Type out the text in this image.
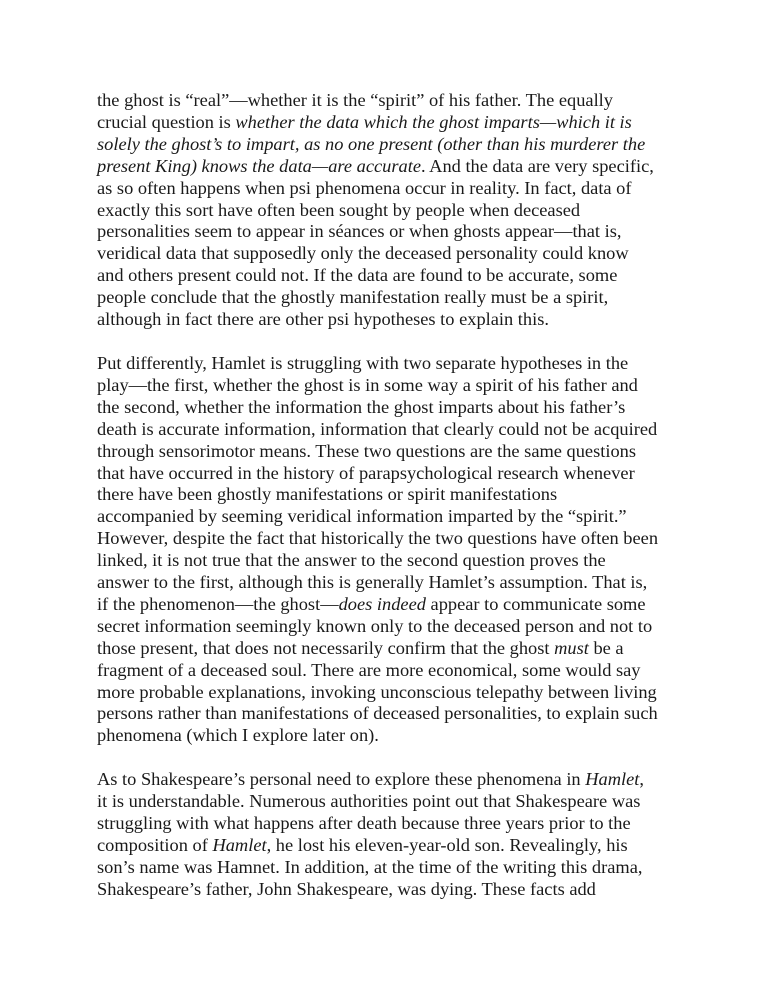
the ghost is “real”—whether it is the “spirit” of his father. The equally
crucial question is whether the data which the ghost imparts—which it is
solely the ghost’s to impart, as no one present (other than his murderer the
present King) knows the data—are accurate. And the data are very specific,
as so often happens when psi phenomena occur in reality. In fact, data of
exactly this sort have often been sought by people when deceased
personalities seem to appear in séances or when ghosts appear—that is,
veridical data that supposedly only the deceased personality could know
and others present could not. If the data are found to be accurate, some
people conclude that the ghostly manifestation really must be a spirit,
although in fact there are other psi hypotheses to explain this.

Put differently, Hamlet is struggling with two separate hypotheses in the
play—the first, whether the ghost is in some way a spirit of his father and
the second, whether the information the ghost imparts about his father’s
death is accurate information, information that clearly could not be acquired
through sensorimotor means. These two questions are the same questions
that have occurred in the history of parapsychological research whenever
there have been ghostly manifestations or spirit manifestations
accompanied by seeming veridical information imparted by the “spirit.”
However, despite the fact that historically the two questions have often been
linked, it is not true that the answer to the second question proves the
answer to the first, although this is generally Hamlet’s assumption. That is,
if the phenomenon—the ghost—does indeed appear to communicate some
secret information seemingly known only to the deceased person and not to
those present, that does not necessarily confirm that the ghost must be a
fragment of a deceased soul. There are more economical, some would say
more probable explanations, invoking unconscious telepathy between living
persons rather than manifestations of deceased personalities, to explain such
phenomena (which I explore later on).

As to Shakespeare’s personal need to explore these phenomena in Hamlet,
it is understandable. Numerous authorities point out that Shakespeare was
struggling with what happens after death because three years prior to the
composition of Hamlet, he lost his eleven-year-old son. Revealingly, his
son’s name was Hamnet. In addition, at the time of the writing this drama,
Shakespeare’s father, John Shakespeare, was dying. These facts add
